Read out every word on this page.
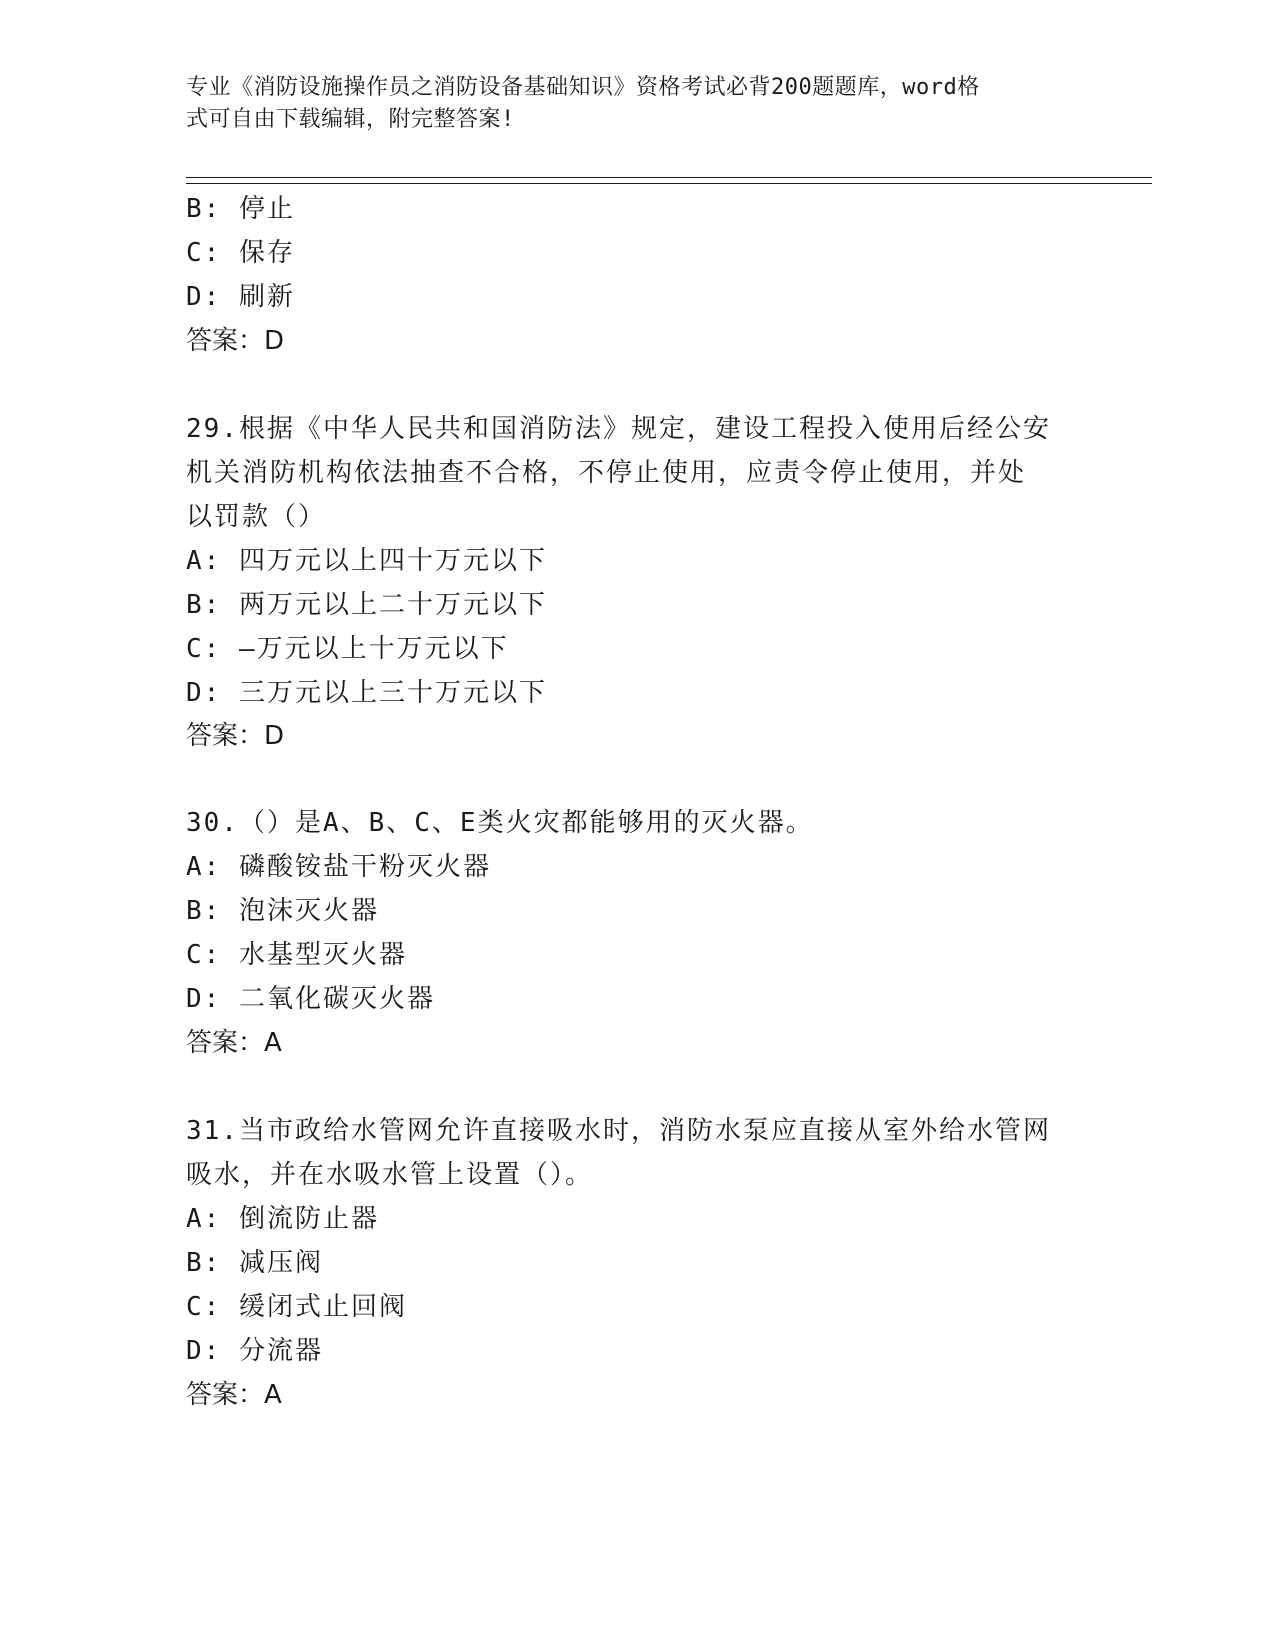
专业《消防设施操作员之消防设备基础知识》资格考试必背200题题库，word格
式可自由下载编辑，附完整答案!
B: 停止
C: 保存
D: 刷新
答案：D
29.根据《中华人民共和国消防法》规定，建设工程投入使用后经公安
机关消防机构依法抽查不合格，不停止使用，应责令停止使用，并处
以罚款（）
A: 四万元以上四十万元以下
B: 两万元以上二十万元以下
C: —万元以上十万元以下
D: 三万元以上三十万元以下
答案：D
30.（）是A、B、C、E类火灾都能够用的灭火器。
A: 磷酸铵盐干粉灭火器
B: 泡沫灭火器
C: 水基型灭火器
D: 二氧化碳灭火器
答案：A
31.当市政给水管网允许直接吸水时，消防水泵应直接从室外给水管网
吸水，并在水吸水管上设置（）。
A: 倒流防止器
B: 减压阀
C: 缓闭式止回阀
D: 分流器
答案：A
